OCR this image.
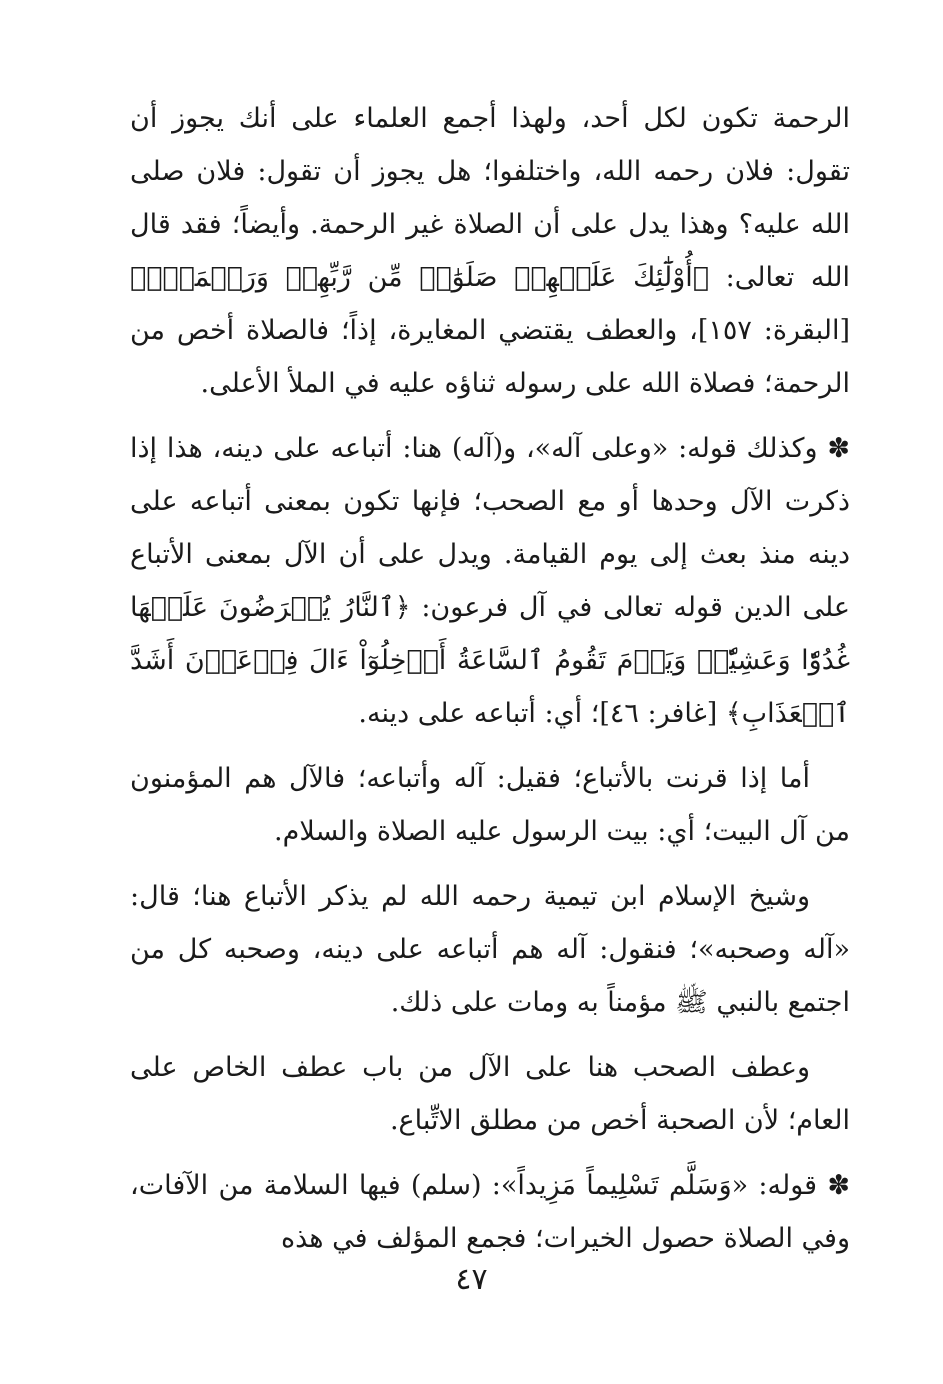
الرحمة تكون لكل أحد، ولهذا أجمع العلماء على أنك يجوز أن تقول: فلان رحمه الله، واختلفوا؛ هل يجوز أن تقول: فلان صلى الله عليه؟ وهذا يدل على أن الصلاة غير الرحمة. وأيضاً؛ فقد قال الله تعالى: ﴿أُوْلَٰٓئِكَ عَلَيۡهِمۡ صَلَوَٰتٞ مِّن رَّبِّهِمۡ وَرَحۡمَةٞۖ﴾ [البقرة: ١٥٧]، والعطف يقتضي المغايرة، إذاً؛ فالصلاة أخص من الرحمة؛ فصلاة الله على رسوله ثناؤه عليه في الملأ الأعلى.

✽ وكذلك قوله: «وعلى آله»، و(آله) هنا: أتباعه على دينه، هذا إذا ذكرت الآل وحدها أو مع الصحب؛ فإنها تكون بمعنى أتباعه على دينه منذ بعث إلى يوم القيامة. ويدل على أن الآل بمعنى الأتباع على الدين قوله تعالى في آل فرعون: ﴿ٱلنَّارُ يُعۡرَضُونَ عَلَيۡهَا غُدُوّٗا وَعَشِيّٗاۚ وَيَوۡمَ تَقُومُ ٱلسَّاعَةُ أَدۡخِلُوٓاْ ءَالَ فِرۡعَوۡنَ أَشَدَّ ٱلۡعَذَابِ﴾ [غافر: ٤٦]؛ أي: أتباعه على دينه.

أما إذا قرنت بالأتباع؛ فقيل: آله وأتباعه؛ فالآل هم المؤمنون من آل البيت؛ أي: بيت الرسول عليه الصلاة والسلام.

وشيخ الإسلام ابن تيمية رحمه الله لم يذكر الأتباع هنا؛ قال: «آله وصحبه»؛ فنقول: آله هم أتباعه على دينه، وصحبه كل من اجتمع بالنبي ﷺ مؤمناً به ومات على ذلك.

وعطف الصحب هنا على الآل من باب عطف الخاص على العام؛ لأن الصحبة أخص من مطلق الاتِّباع.

✽ قوله: «وَسَلَّم تَسْلِيماً مَزِيداً»: (سلم) فيها السلامة من الآفات، وفي الصلاة حصول الخيرات؛ فجمع المؤلف في هذه

٤٧
